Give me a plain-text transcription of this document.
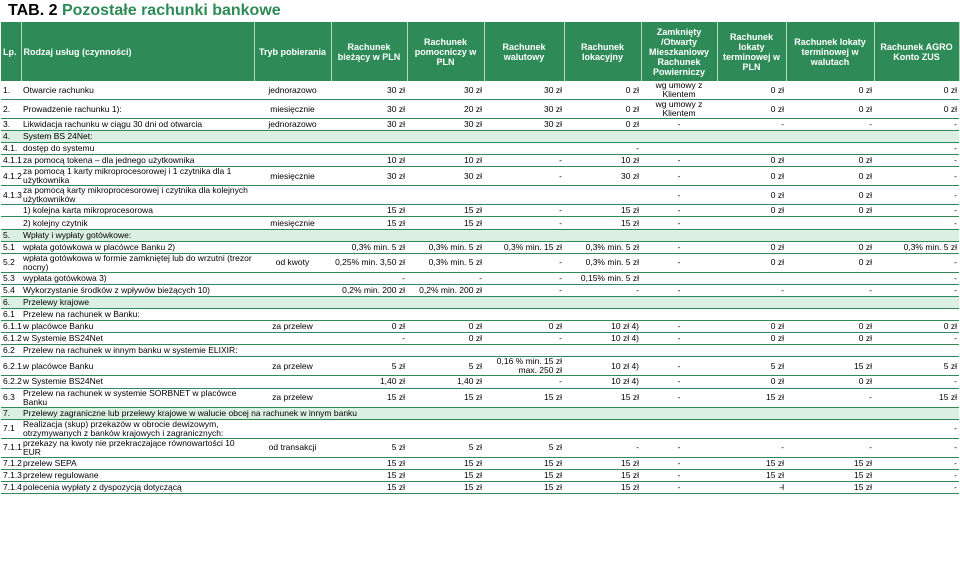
TAB. 2 Pozostałe rachunki bankowe
Lp.	Rodzaj usług (czynności)	Tryb pobierania	Rachunek bieżący w PLN	Rachunek pomocniczy w PLN	Rachunek walutowy	Rachunek lokacyjny	Zamknięty /Otwarty Mieszkaniowy Rachunek Powierniczy	Rachunek lokaty terminowej w PLN	Rachunek lokaty terminowej w walutach	Rachunek AGRO Konto ZUS
1.	Otwarcie rachunku	jednorazowo	30 zł	30 zł	30 zł	0 zł	wg umowy z Klientem	0 zł	0 zł	0 zł
2.	Prowadzenie rachunku 1):	miesięcznie	30 zł	20 zł	30 zł	0 zł	wg umowy z Klientem	0 zł	0 zł	0 zł
3.	Likwidacja rachunku w ciągu 30 dni od otwarcia	jednorazowo	30 zł	30 zł	30 zł	0 zł	-	-	-	-
4.	System BS 24Net:									
4.1.	dostęp do systemu					-				-
4.1.1	za pomocą tokena – dla jednego użytkownika		10 zł	10 zł	-	10 zł	-	0 zł	0 zł	-
4.1.2	za pomocą 1 karty mikroprocesorowej i 1 czytnika dla 1 użytkownika	miesięcznie	30 zł	30 zł	-	30 zł	-	0 zł	0 zł	-
4.1.3	za pomocą karty mikroprocesorowej i czytnika dla kolejnych użytkowników						-	0 zł	0 zł	-
	1) kolejna karta mikroprocesorowa		15 zł	15 zł	-	15 zł	-	0 zł	0 zł	-
	2) kolejny czytnik	miesięcznie	15 zł	15 zł	-	15 zł	-			-
5.	Wpłaty i wypłaty gotówkowe:									
5.1	wpłata gotówkowa w placówce Banku 2)		0,3% min. 5 zł	0,3% min. 5 zł	0,3% min. 15 zł	0,3% min. 5 zł	-	0 zł	0 zł	0,3% min. 5 zł
5.2	wpłata gotówkowa w formie zamkniętej lub do wrzutni (trezor nocny)	od kwoty	0,25% min. 3,50 zł	0,3% min. 5 zł	-	0,3% min. 5 zł	-	0 zł	0 zł	-
5.3	wypłata gotówkowa 3)		-	-	-	0,15% min. 5 zł				-
5.4	Wykorzystanie środków z wpływów bieżących 10)		0,2% min. 200 zł	0,2% min. 200 zł	-	-	-	-	-	-
6.	Przelewy krajowe									
6.1	Przelew na rachunek w Banku:									
6.1.1	w placówce Banku	za przelew	0 zł	0 zł	0 zł	10 zł 4)	-	0 zł	0 zł	0 zł
6.1.2	w Systemie BS24Net		-	0 zł	-	10 zł 4)	-	0 zł	0 zł	-
6.2	Przelew na rachunek w innym banku w systemie ELIXIR:									
6.2.1.	w placówce Banku	za przelew	5 zł	5 zł	0,16 % min. 15 zł max. 250 zł	10 zł 4)	-	5 zł	15 zł	5 zł
6.2.2	w Systemie BS24Net		1,40 zł	1,40 zł	-	10 zł 4)	-	0 zł	0 zł	-
6.3	Przelew na rachunek w systemie SORBNET w placówce Banku	za przelew	15 zł	15 zł	15 zł	15 zł	-	15 zł	-	15 zł
7.	Przelewy zagraniczne lub przelewy krajowe w walucie obcej na rachunek w innym banku									
7.1	Realizacja (skup) przekazów w obrocie dewizowym, otrzymywanych z banków krajowych i zagranicznych:									-
7.1.1	przekazy na kwoty nie przekraczające równowartości 10 EUR	od transakcji	5 zł	5 zł	5 zł	-	-	-	-	-
7.1.2	przelew SEPA		15 zł	15 zł	15 zł	15 zł	-	15 zł	15 zł	-
7.1.3	przelew regulowane		15 zł	15 zł	15 zł	15 zł	-	15 zł	15 zł	-
7.1.4	polecenia wypłaty z dyspozycją dotyczącą		15 zł	15 zł	15 zł	15 zł	-	-ł	15 zł	-
